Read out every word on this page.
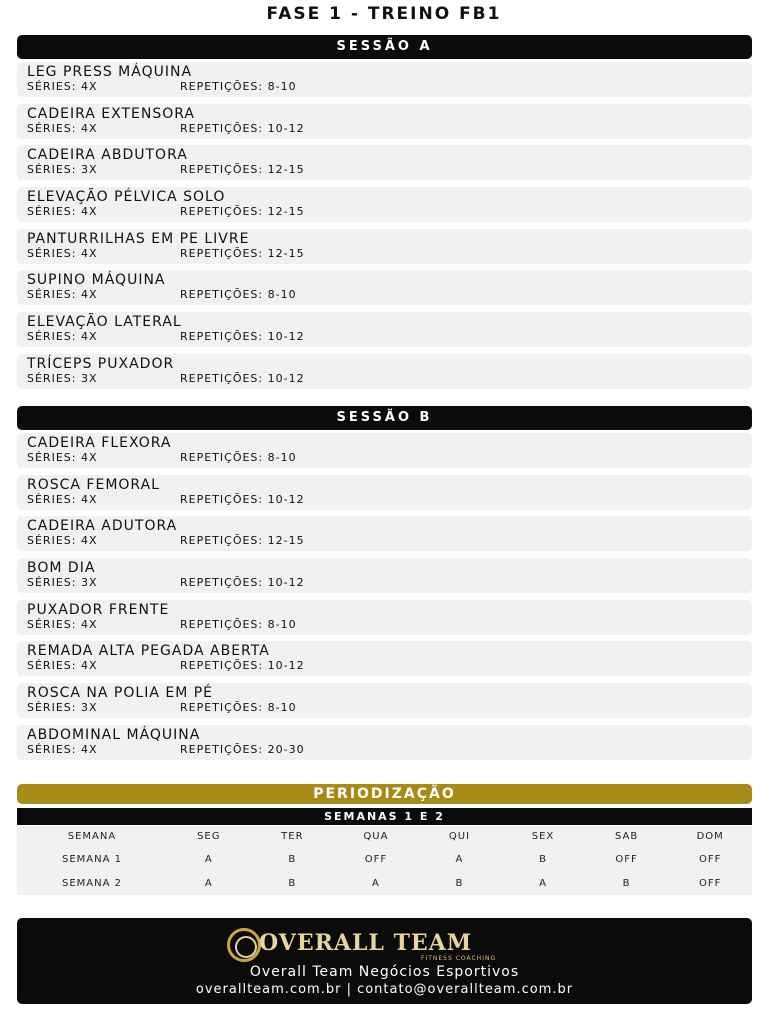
FASE 1 - TREINO FB1
SESSÃO A
LEG PRESS MÁQUINA
SÉRIES: 4X	REPETIÇÕES: 8-10
CADEIRA EXTENSORA
SÉRIES: 4X	REPETIÇÕES: 10-12
CADEIRA ABDUTORA
SÉRIES: 3X	REPETIÇÕES: 12-15
ELEVAÇÃO PÉLVICA SOLO
SÉRIES: 4X	REPETIÇÕES: 12-15
PANTURRILHAS EM PE LIVRE
SÉRIES: 4X	REPETIÇÕES: 12-15
SUPINO MÁQUINA
SÉRIES: 4X	REPETIÇÕES: 8-10
ELEVAÇÃO LATERAL
SÉRIES: 4X	REPETIÇÕES: 10-12
TRÍCEPS PUXADOR
SÉRIES: 3X	REPETIÇÕES: 10-12
SESSÃO B
CADEIRA FLEXORA
SÉRIES: 4X	REPETIÇÕES: 8-10
ROSCA FEMORAL
SÉRIES: 4X	REPETIÇÕES: 10-12
CADEIRA ADUTORA
SÉRIES: 4X	REPETIÇÕES: 12-15
BOM DIA
SÉRIES: 3X	REPETIÇÕES: 10-12
PUXADOR FRENTE
SÉRIES: 4X	REPETIÇÕES: 8-10
REMADA ALTA PEGADA ABERTA
SÉRIES: 4X	REPETIÇÕES: 10-12
ROSCA NA POLIA EM PÉ
SÉRIES: 3X	REPETIÇÕES: 8-10
ABDOMINAL MÁQUINA
SÉRIES: 4X	REPETIÇÕES: 20-30
PERIODIZAÇÃO
SEMANAS 1 E 2
SEMANA	SEG	TER	QUA	QUI	SEX	SAB	DOM
SEMANA 1	A	B	OFF	A	B	OFF	OFF
SEMANA 2	A	B	A	B	A	B	OFF
OVERALL TEAM
FITNESS COACHING
Overall Team Negócios Esportivos
overallteam.com.br | contato@overallteam.com.br
